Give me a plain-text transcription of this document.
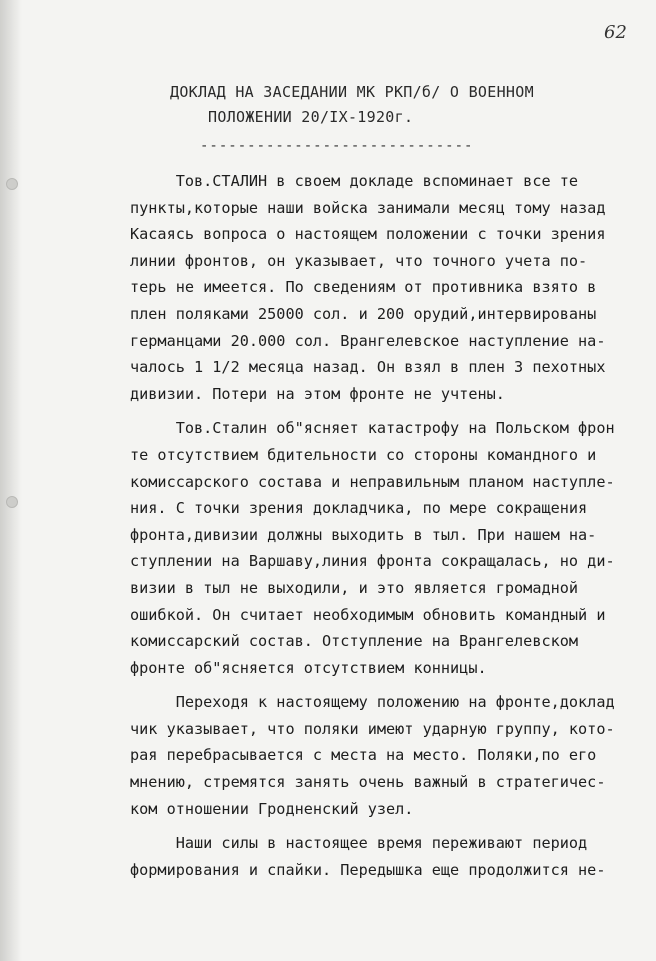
62
ДОКЛАД НА ЗАСЕДАНИИ МК РКП/б/ О ВОЕННОМ
ПОЛОЖЕНИИ 20/IX-1920г.
-----------------------------
Тов.СТАЛИН в своем докладе вспоминает все те
пункты,которые наши войска занимали месяц тому назад
Касаясь вопроса о настоящем положении с точки зрения
линии фронтов, он указывает, что точного учета по-
терь не имеется. По сведениям от противника взято в
плен поляками 25000 сол. и 200 орудий,интервированы
германцами 20.000 сол. Врангелевское наступление на-
чалось 1 1/2 месяца назад. Он взял в плен 3 пехотных
дивизии. Потери на этом фронте не учтены.
Тов.Сталин об"ясняет катастрофу на Польском фрон
те отсутствием бдительности со стороны командного и
комиссарского состава и неправильным планом наступле-
ния. С точки зрения докладчика, по мере сокращения
фронта,дивизии должны выходить в тыл. При нашем на-
ступлении на Варшаву,линия фронта сокращалась, но ди-
визии в тыл не выходили, и это является громадной
ошибкой. Он считает необходимым обновить командный и
комиссарский состав. Отступление на Врангелевском
фронте об"ясняется отсутствием конницы.
Переходя к настоящему положению на фронте,доклад
чик указывает, что поляки имеют ударную группу, кото-
рая перебрасывается с места на место. Поляки,по его
мнению, стремятся занять очень важный в стратегичес-
ком отношении Гродненский узел.
Наши силы в настоящее время переживают период
формирования и спайки. Передышка еще продолжится не-
